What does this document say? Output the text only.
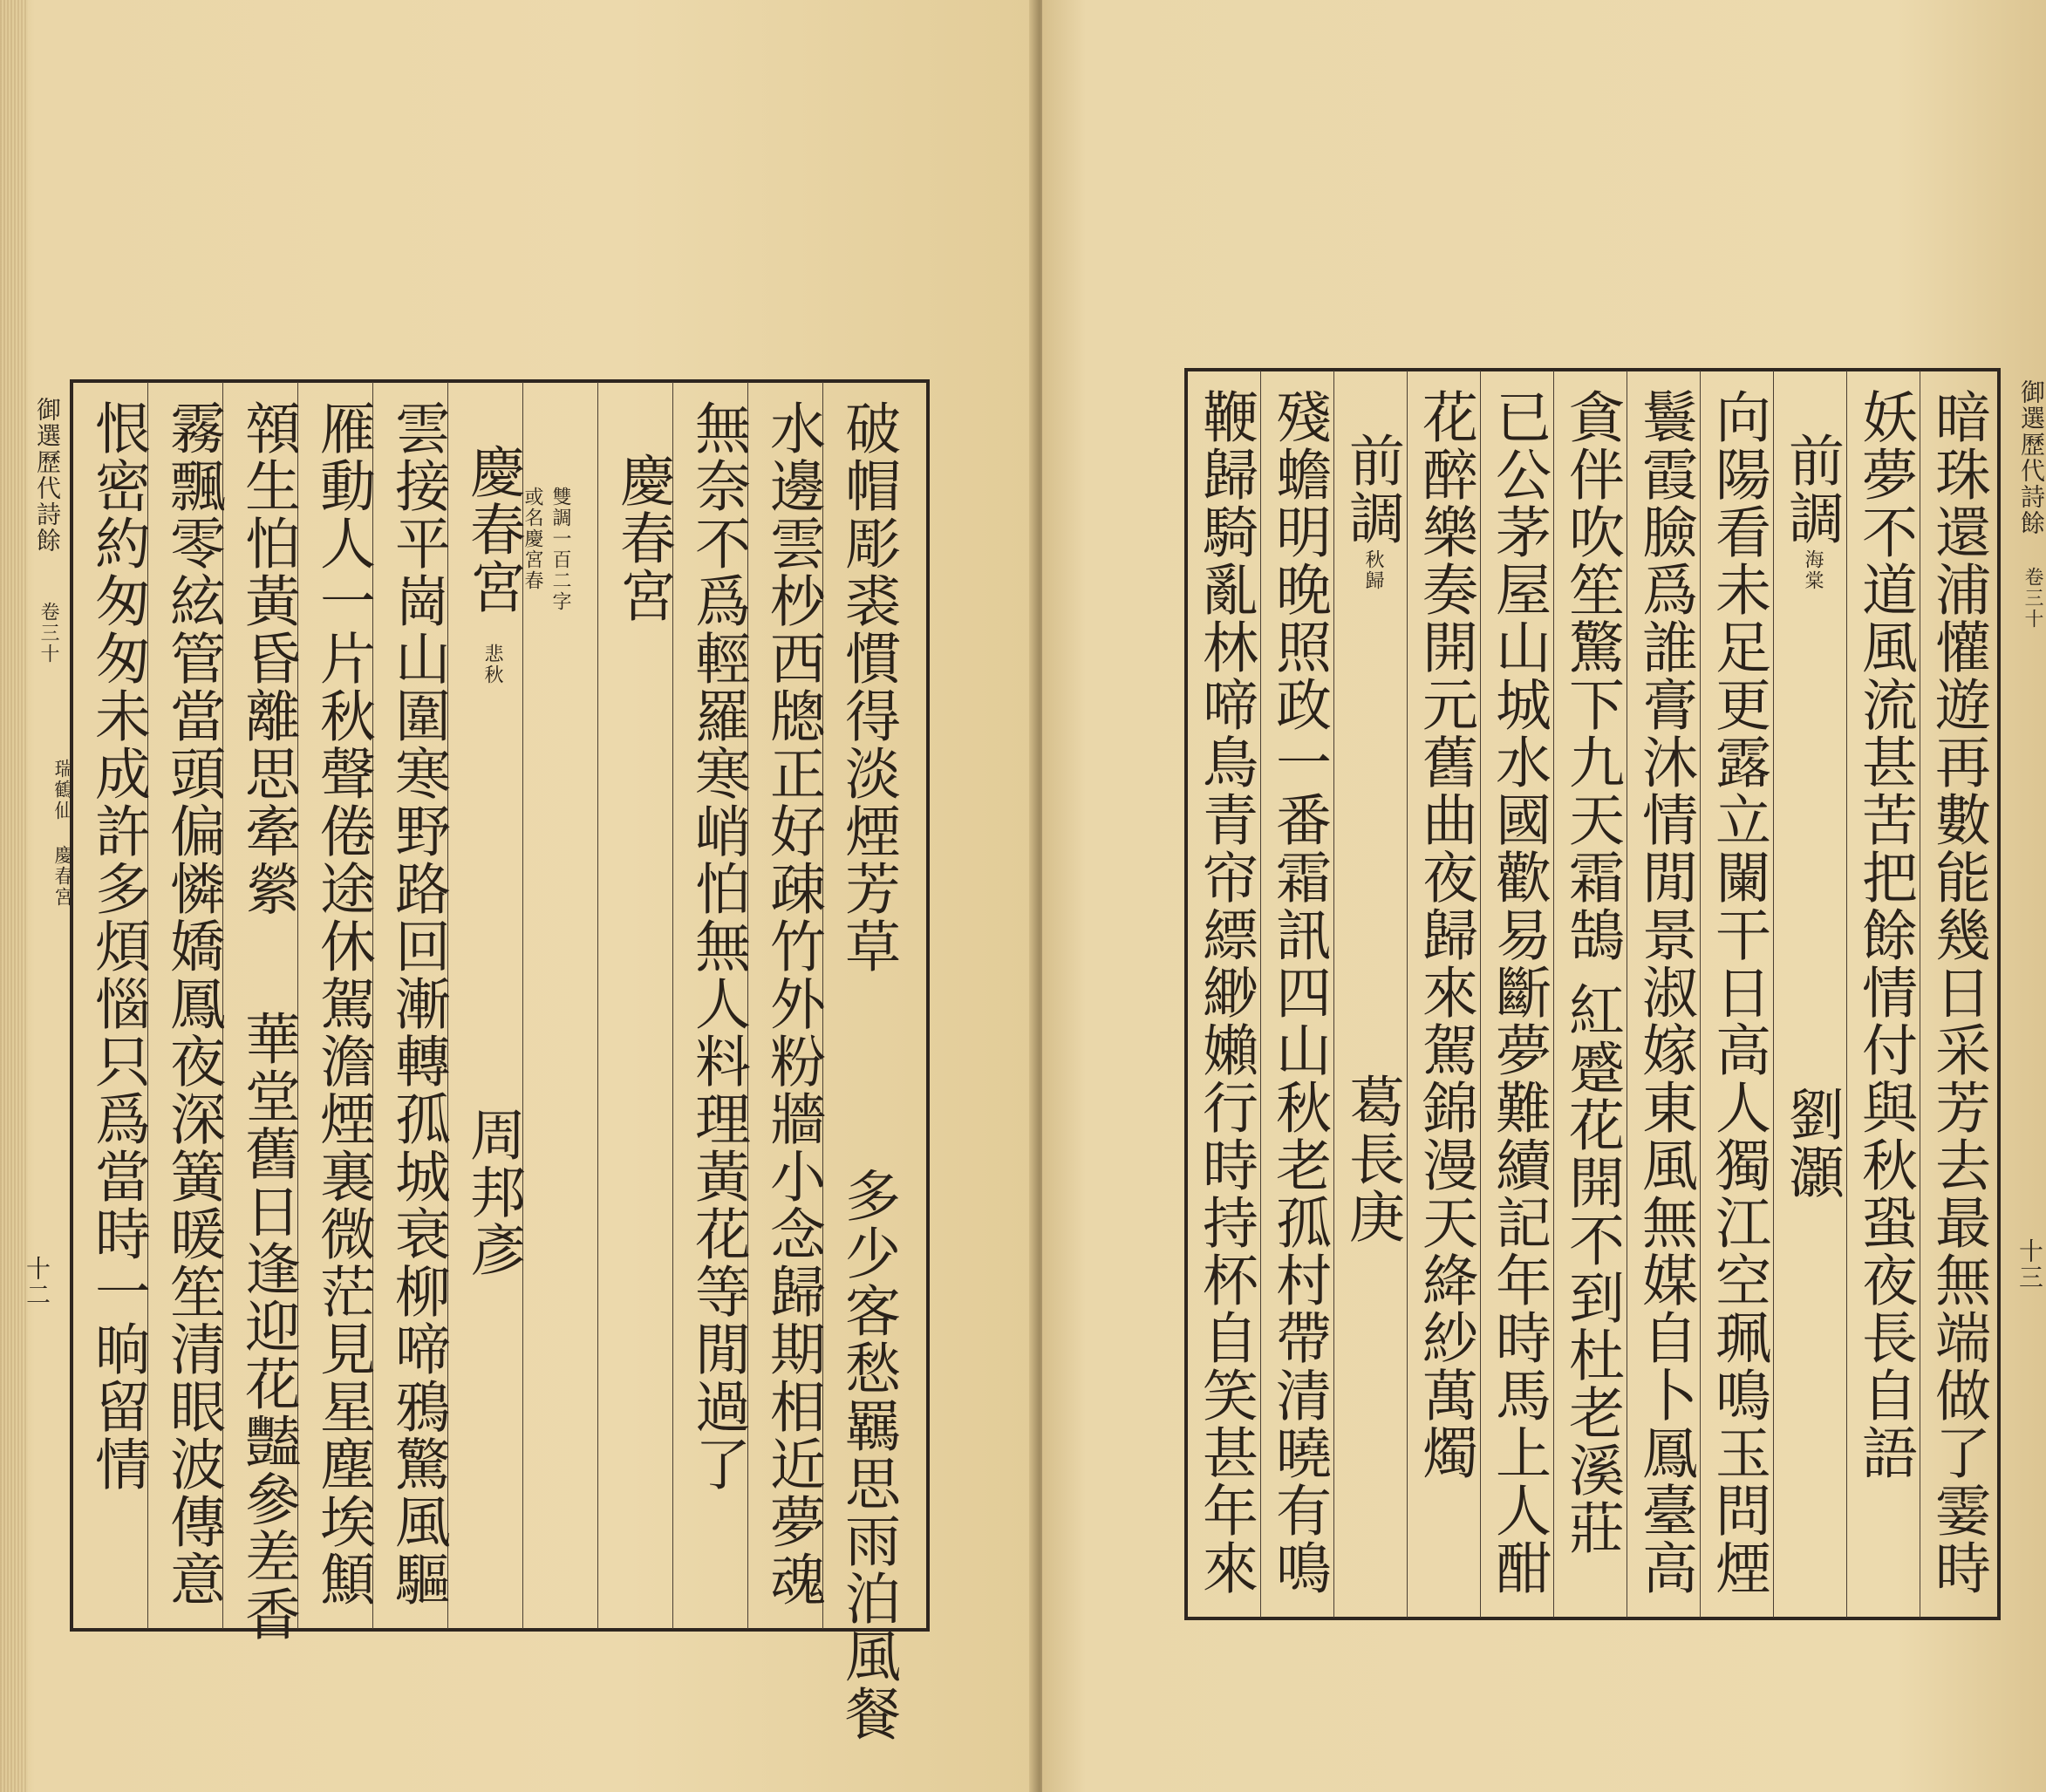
御選歷代詩餘
卷三十
瑞鶴仙 慶春宮
十二
破帽彫裘慣得淡煙芳草
多少客愁羈思雨泊風餐
水邊雲杪西牕正好疎竹外粉牆小念歸期相近夢魂
無奈不爲輕羅寒峭怕無人料理黃花等閒過了
慶春宮
雙調一百二字
或名慶宮春
慶春宮
悲秋
周邦彥
雲接平崗山圍寒野路回漸轉孤城衰柳啼鴉驚風驅
雁動人一片秋聲倦途休駕澹煙裏微茫見星塵埃顦
顇生怕黃昏離思牽縈
華堂舊日逢迎花豔參差香
霧飄零絃管當頭偏憐嬌鳳夜深簧暖笙清眼波傳意
恨密約匆匆未成許多煩惱只爲當時一晌留情	御選歷代詩餘
卷三十
十三
暗珠還浦懽遊再數能幾日采芳去最無端做了霎時
妖夢不道風流甚苦把餘情付與秋蛩夜長自語
前調
海棠
劉灝
向陽看未足更露立闌干日高人獨江空珮鳴玉問煙
鬟霞臉爲誰膏沐情閒景淑嫁東風無媒自卜鳳臺高
貪伴吹笙驚下九天霜鵠
紅蹙花開不到杜老溪莊
已公茅屋山城水國歡易斷夢難續記年時馬上人酣
花醉樂奏開元舊曲夜歸來駕錦漫天絳紗萬燭
前調
秋歸
葛長庚
殘蟾明晚照政一番霜訊四山秋老孤村帶清曉有鳴
鞭歸騎亂林啼鳥青帘縹緲嬾行時持杯自笑甚年來
